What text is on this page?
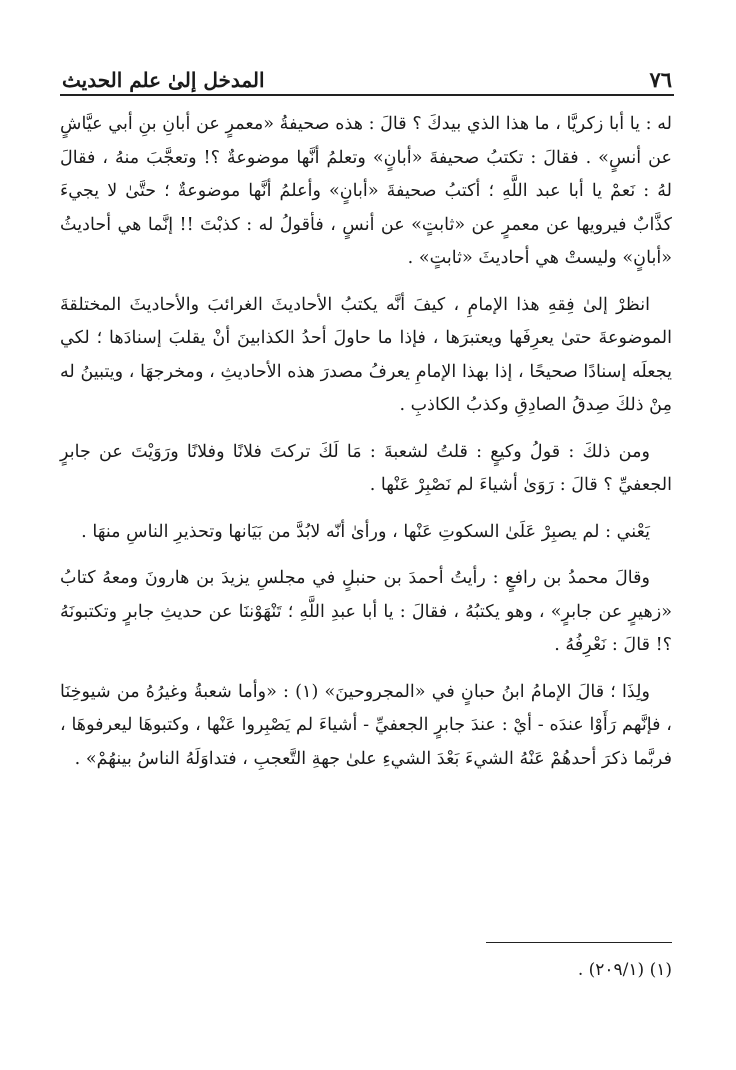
٧٦
المدخل إلىٰ علم الحديث

له : يا أبا زكريَّا ، ما هذا الذي بيدكَ ؟ قالَ : هذه صحيفةُ «معمرٍ عن أبانِ بنِ أبي عيَّاشٍ عن أنسٍ» . فقالَ : تكتبُ صحيفةَ «أبانٍ» وتعلمُ أنَّها موضوعةٌ ؟! وتعجَّبَ منهُ ، فقالَ لهُ : نَعمْ يا أبا عبد اللَّهِ ؛ أكتبُ صحيفةَ «أبانٍ» وأعلمُ أنَّها موضوعةٌ ؛ حتَّىٰ لا يجيءَ كذَّابٌ فيرويها عن معمرٍ عن «ثابتٍ» عن أنسٍ ، فأقولُ له : كذبْتَ !! إنَّما هي أحاديثُ «أبانٍ» وليستْ هي أحاديثَ «ثابتٍ» .

انظرْ إلىٰ فِقهِ هذا الإمامِ ، كيفَ أنَّه يكتبُ الأحاديثَ الغرائبَ والأحاديثَ المختلقةَ الموضوعةَ حتىٰ يعرِفَها ويعتبرَها ، فإذا ما حاولَ أحدُ الكذابينَ أنْ يقلبَ إسنادَها ؛ لكي يجعلَه إسنادًا صحيحًا ، إذا بهذا الإمامِ يعرفُ مصدرَ هذه الأحاديثِ ، ومخرجهَا ، ويتبينُ له مِنْ ذلكَ صِدقُ الصادِقِ وكذبُ الكاذبِ .

ومن ذلكَ : قولُ وكيعٍ : قلتُ لشعبةَ : مَا لَكَ تركتَ فلانًا وفلانًا ورَوَيْتَ عن جابرٍ الجعفيِّ ؟ قالَ : رَوَىٰ أشياءَ لم نَصْبِرْ عَنْها .

يَعْني : لم يصبِرْ عَلَىٰ السكوتِ عَنْها ، ورأىٰ أنّه لابُدَّ من بَيَانها وتحذيرِ الناسِ منهَا .

وقالَ محمدُ بن رافعٍ : رأيتُ أحمدَ بن حنبلٍ في مجلسِ يزيدَ بن هارونَ ومعهُ كتابُ «زهيرٍ عن جابرٍ» ، وهو يكتبُهُ ، فقالَ : يا أبا عبدِ اللَّهِ ؛ تَنْهَوْننَا عن حديثِ جابرٍ وتكتبونَهُ ؟! قالَ : نَعْرِفُهُ .

ولِذَا ؛ قالَ الإمامُ ابنُ حبانٍ في «المجروحينَ» (١) : «وأما شعبةُ وغيرُهُ من شيوخِنَا ، فإنَّهم رَأَوْا عندَه - أيْ : عندَ جابرٍ الجعفيِّ - أشياءَ لم يَصْبِروا عَنْها ، وكتبوهَا ليعرفوهَا ، فربَّما ذكرَ أحدهُمْ عَنْهُ الشيءَ بَعْدَ الشيءِ علىٰ جهةِ التَّعجبِ ، فتداوَلَهُ الناسُ بينهُمْ» .

(١) (٢٠٩/١) .
